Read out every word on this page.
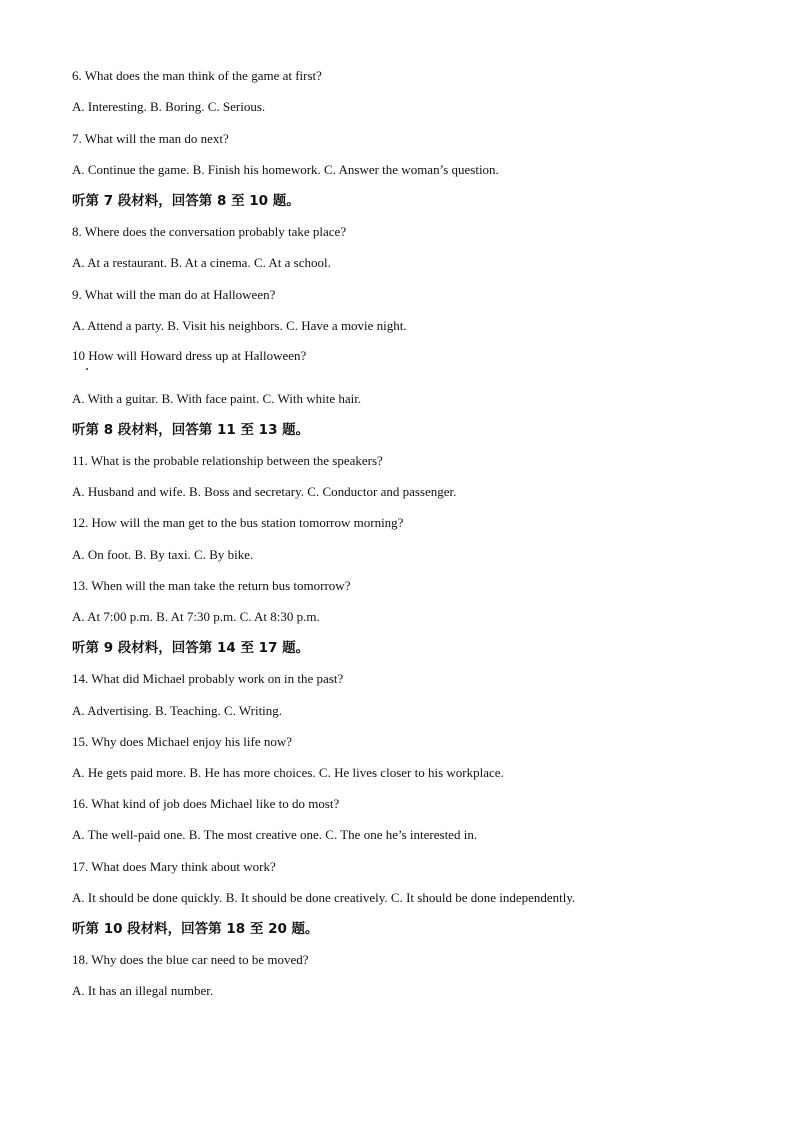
6. What does the man think of the game at first?
A. Interesting. B. Boring. C. Serious.
7. What will the man do next?
A. Continue the game. B. Finish his homework. C. Answer the woman’s question.
听第 7 段材料，回答第 8 至 10 题。
8. Where does the conversation probably take place?
A. At a restaurant. B. At a cinema. C. At a school.
9. What will the man do at Halloween?
A. Attend a party. B. Visit his neighbors. C. Have a movie night.
10 How will Howard dress up at Halloween?
A. With a guitar. B. With face paint. C. With white hair.
听第 8 段材料，回答第 11 至 13 题。
11. What is the probable relationship between the speakers?
A. Husband and wife. B. Boss and secretary. C. Conductor and passenger.
12. How will the man get to the bus station tomorrow morning?
A. On foot. B. By taxi. C. By bike.
13. When will the man take the return bus tomorrow?
A. At 7:00 p.m. B. At 7:30 p.m. C. At 8:30 p.m.
听第 9 段材料，回答第 14 至 17 题。
14. What did Michael probably work on in the past?
A. Advertising. B. Teaching. C. Writing.
15. Why does Michael enjoy his life now?
A. He gets paid more. B. He has more choices. C. He lives closer to his workplace.
16. What kind of job does Michael like to do most?
A. The well-paid one. B. The most creative one. C. The one he’s interested in.
17. What does Mary think about work?
A. It should be done quickly. B. It should be done creatively. C. It should be done independently.
听第 10 段材料，回答第 18 至 20 题。
18. Why does the blue car need to be moved?
A. It has an illegal number.
